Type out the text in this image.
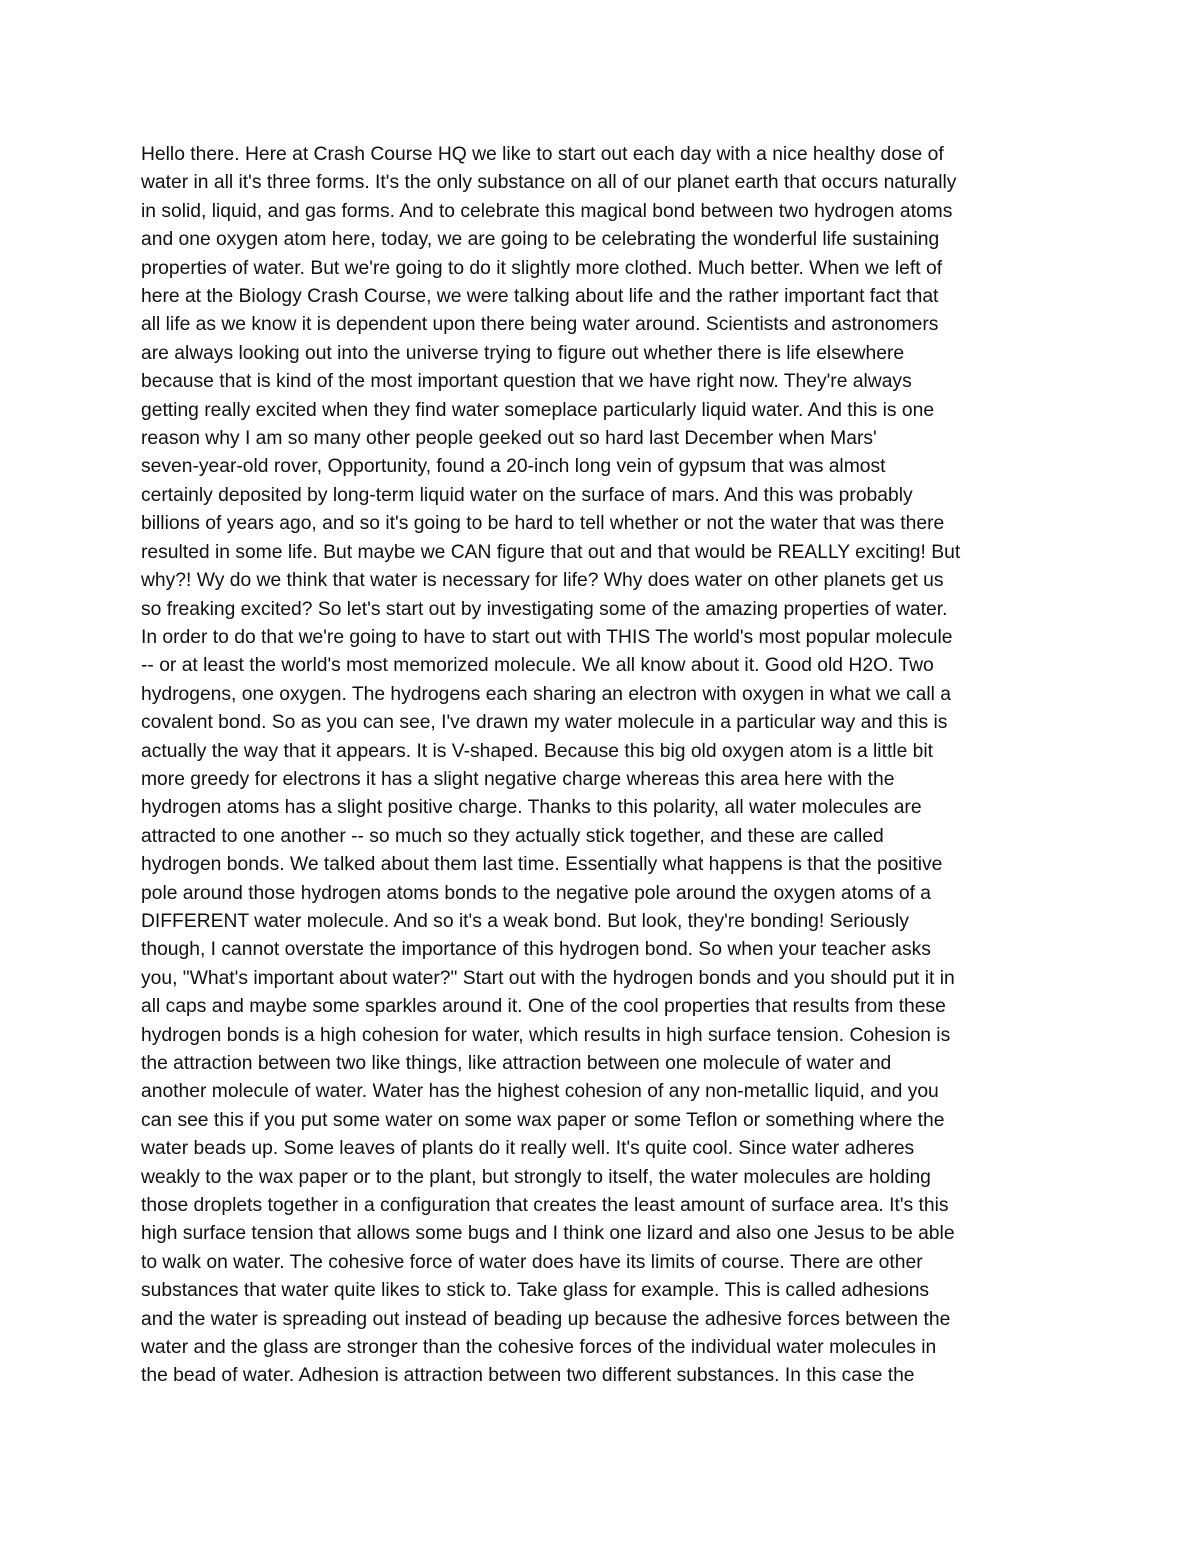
Hello there. Here at Crash Course HQ we like to start out each day with a nice healthy dose of
water in all it's three forms. It's the only substance on all of our planet earth that occurs naturally
in solid, liquid, and gas forms. And to celebrate this magical bond between two hydrogen atoms
and one oxygen atom here, today, we are going to be celebrating the wonderful life sustaining
properties of water. But we're going to do it slightly more clothed. Much better. When we left of
here at the Biology Crash Course, we were talking about life and the rather important fact that
all life as we know it is dependent upon there being water around. Scientists and astronomers
are always looking out into the universe trying to figure out whether there is life elsewhere
because that is kind of the most important question that we have right now. They're always
getting really excited when they find water someplace particularly liquid water. And this is one
reason why I am so many other people geeked out so hard last December when Mars'
seven-year-old rover, Opportunity, found a 20-inch long vein of gypsum that was almost
certainly deposited by long-term liquid water on the surface of mars. And this was probably
billions of years ago, and so it's going to be hard to tell whether or not the water that was there
resulted in some life. But maybe we CAN figure that out and that would be REALLY exciting! But
why?! Wy do we think that water is necessary for life? Why does water on other planets get us
so freaking excited? So let's start out by investigating some of the amazing properties of water.
In order to do that we're going to have to start out with THIS The world's most popular molecule
-- or at least the world's most memorized molecule. We all know about it. Good old H2O. Two
hydrogens, one oxygen. The hydrogens each sharing an electron with oxygen in what we call a
covalent bond. So as you can see, I've drawn my water molecule in a particular way and this is
actually the way that it appears. It is V-shaped. Because this big old oxygen atom is a little bit
more greedy for electrons it has a slight negative charge whereas this area here with the
hydrogen atoms has a slight positive charge. Thanks to this polarity, all water molecules are
attracted to one another -- so much so they actually stick together, and these are called
hydrogen bonds. We talked about them last time. Essentially what happens is that the positive
pole around those hydrogen atoms bonds to the negative pole around the oxygen atoms of a
DIFFERENT water molecule. And so it's a weak bond. But look, they're bonding! Seriously
though, I cannot overstate the importance of this hydrogen bond. So when your teacher asks
you, "What's important about water?" Start out with the hydrogen bonds and you should put it in
all caps and maybe some sparkles around it. One of the cool properties that results from these
hydrogen bonds is a high cohesion for water, which results in high surface tension. Cohesion is
the attraction between two like things, like attraction between one molecule of water and
another molecule of water. Water has the highest cohesion of any non-metallic liquid, and you
can see this if you put some water on some wax paper or some Teflon or something where the
water beads up. Some leaves of plants do it really well. It's quite cool. Since water adheres
weakly to the wax paper or to the plant, but strongly to itself, the water molecules are holding
those droplets together in a configuration that creates the least amount of surface area. It's this
high surface tension that allows some bugs and I think one lizard and also one Jesus to be able
to walk on water. The cohesive force of water does have its limits of course. There are other
substances that water quite likes to stick to. Take glass for example. This is called adhesions
and the water is spreading out instead of beading up because the adhesive forces between the
water and the glass are stronger than the cohesive forces of the individual water molecules in
the bead of water. Adhesion is attraction between two different substances. In this case the
